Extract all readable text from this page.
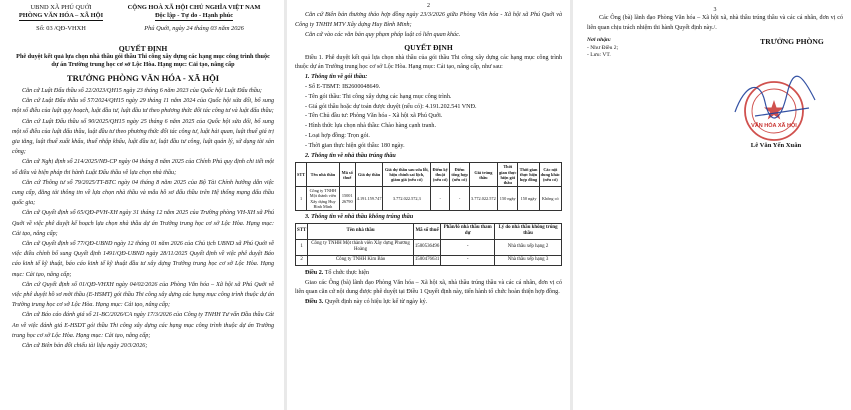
UBND XÃ PHÚ QUỚI
PHÒNG VĂN HÓA – XÃ HỘI
Số: 03 /QĐ-VHXH
CỘNG HOÀ XÃ HỘI CHỦ NGHĨA VIỆT NAM
Độc lập - Tự do - Hạnh phúc
Phú Quới, ngày 24 tháng 03 năm 2026
QUYẾT ĐỊNH
Phê duyệt kết quả lựa chọn nhà thầu gói thầu Thi công xây dựng các hạng mục công trình thuộc dự án Trường trung học cơ sở Lộc Hòa. Hạng mục: Cải tạo, nâng cấp
TRƯỞNG PHÒNG VĂN HÓA - XÃ HỘI

Căn cứ Luật Đấu thầu số 22/2023/QH15 ngày 23 tháng 6 năm 2023 của Quốc hội Luật Đấu thầu;

Căn cứ Luật Đấu thầu số 57/2024/QH15 ngày 29 tháng 11 năm 2024 của Quốc hội sửa đổi, bổ sung một số điều của luật quy hoạch, luật đầu tư, luật đầu tư theo phương thức đối tác công tư và luật đấu thầu;

Căn cứ Luật Đấu thầu số 90/2025/QH15 ngày 25 tháng 6 năm 2025 của Quốc hội sửa đổi, bổ sung một số điều của luật đấu thầu, luật đầu tư theo phương thức đối tác công tư, luật hải quan, luật thuế giá trị gia tăng, luật thuế xuất khẩu, thuế nhập khẩu, luật đầu tư, luật đầu tư công, luật quản lý, sử dụng tài sản công;

Căn cứ Nghị định số 214/2025/NĐ-CP ngày 04 tháng 8 năm 2025 của Chính Phủ quy định chi tiết một số điều và biện pháp thi hành Luật Đấu thầu về lựa chọn nhà thầu;

Căn cứ Thông tư số 79/2025/TT-BTC ngày 04 tháng 8 năm 2025 của Bộ Tài Chính hướng dẫn việc cung cấp, đăng tải thông tin về lựa chọn nhà thầu và mẫu hồ sơ đấu thầu trên Hệ thống mạng đấu thầu quốc gia;

Căn cứ Quyết định số 65/QĐ-PVH-XH ngày 31 tháng 12 năm 2025 của Trường phòng VH-XH xã Phú Quới về việc phê duyệt kế hoạch lựa chọn nhà thầu dự án Trường trung học cơ sở Lộc Hòa. Hạng mục: Cải tạo, nâng cấp;

Căn cứ Quyết định số 77/QĐ-UBND ngày 12 tháng 01 năm 2026 của Chủ tịch UBND xã Phú Quới về việc điều chỉnh bổ sung Quyết định 1491/QĐ-UBND ngày 28/11/2025 Quyết định về việc phê duyệt Báo cáo kinh tế kỹ thuật, báo cáo kinh tế kỹ thuật đầu tư xây dựng Trường trung học cơ sở Lộc Hòa. Hạng mục: Cải tạo, nâng cấp;

Căn cứ Quyết định số 01/QĐ-VHXH ngày 04/02/2026 của Phòng Văn hóa – Xã hội xã Phú Quới về việc phê duyệt hồ sơ mời thầu (E-HSMT) gói thầu Thi công xây dựng các hạng mục công trình thuộc dự án Trường trung học cơ sở Lộc Hòa. Hạng mục: Cải tạo, nâng cấp;

Căn cứ Báo cáo đánh giá số 21-BC/2026/CA ngày 17/3/2026 của Công ty TNHH Tư vấn Đầu thầu Cát An về việc đánh giá E-HSDT gói thầu Thi công xây dựng các hạng mục công trình thuộc dự án Trường trung học cơ sở Lộc Hòa. Hạng mục: Cải tạo, nâng cấp;

Căn cứ Biên bản đối chiếu tài liệu ngày 20/3/2026;

2

Căn cứ Biên bản thương thảo hợp đồng ngày 23/3/2026 giữa Phòng Văn hóa - Xã hội xã Phú Quới và Công ty TNHH MTV Xây dựng Huy Bình Minh;

Căn cứ vào các văn bản quy phạm pháp luật có liên quan khác.

QUYẾT ĐỊNH

Điều 1. Phê duyệt kết quả lựa chọn nhà thầu của gói thầu Thi công xây dựng các hạng mục công trình thuộc dự án Trường trung học cơ sở Lộc Hòa. Hạng mục: Cải tạo, nâng cấp, như sau:

1. Thông tin về gói thầu:

- Số E-TBMT: IB2600048649.

- Tên gói thầu: Thi công xây dựng các hạng mục công trình.

- Giá gói thầu hoặc dự toán được duyệt (nếu có): 4.191.202.541 VNĐ.

- Tên Chủ đầu tư: Phòng Văn hóa - Xã hội xã Phú Quới.

- Hình thức lựa chọn nhà thầu: Chào hàng cạnh tranh.

- Loại hợp đồng: Trọn gói.

- Thời gian thực hiện gói thầu: 180 ngày.

2. Thông tin về nhà thầu trúng thầu

STT	Tên nhà thầu	Mã số thuế	Giá dự thầu	Giá dự thầu sau sửa lỗi, hiệu chỉnh sai lệch, giảm giá (nếu có)	Điểm kỹ thuật (nếu có)	Điểm tổng hợp (nếu có)	Giá trúng thầu	Thời gian thực hiện gói thầu	Thời gian thực hiện hợp đồng	Các nội dung khác (nếu có)
1	Công ty TNHH Một thành viên Xây dựng Huy Bình Minh	15001 26790	4.191.159.747	3.772.022.572,3	-	-	3.772.022.572	150 ngày	150 ngày	Không có

3. Thông tin về nhà thầu không trúng thầu

STT	Tên nhà thầu	Mã số thuế	Phần/lô nhà thầu tham dự	Lý do nhà thầu không trúng thầu
1	Công ty TNHH Một thành viên Xây dựng Phương Hoàng	1500536496	-	Nhà thầu xếp hạng 2
2	Công ty TNHH Kim Bảo	1500476631	-	Nhà thầu xếp hạng 3

Điều 2. Tổ chức thực hiện

Giao các Ông (bà) lãnh đạo Phòng Văn hóa – Xã hội xã, nhà thầu trúng thầu và các cá nhân, đơn vị có liên quan căn cứ nội dung được phê duyệt tại Điều 1 Quyết định này, tiến hành tổ chức hoàn thiện hợp đồng.

Điều 3. Quyết định này có hiệu lực kể từ ngày ký.

3

Các Ông (bà) lãnh đạo Phòng Văn hóa – Xã hội xã, nhà thầu trúng thầu và các cá nhân, đơn vị có liên quan chịu trách nhiệm thi hành Quyết định này./.

Nơi nhận:
- Như Điều 2;
- Lưu: VT.
TRƯỞNG PHÒNG
VĂN HÓA XÃ HỘI
Lê Văn Yến Xuân
